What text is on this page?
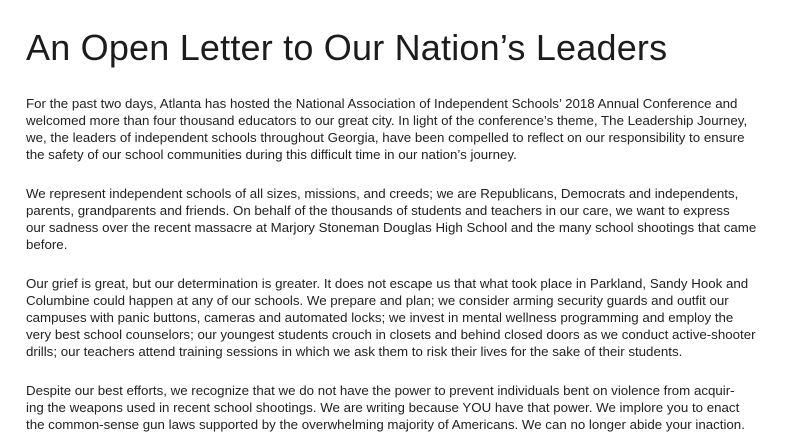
An Open Letter to Our Nation’s Leaders

For the past two days, Atlanta has hosted the National Association of Independent Schools’ 2018 Annual Conference and
welcomed more than four thousand educators to our great city. In light of the conference’s theme, The Leadership Journey,
we, the leaders of independent schools throughout Georgia, have been compelled to reflect on our responsibility to ensure
the safety of our school communities during this difficult time in our nation’s journey.

We represent independent schools of all sizes, missions, and creeds; we are Republicans, Democrats and independents,
parents, grandparents and friends. On behalf of the thousands of students and teachers in our care, we want to express
our sadness over the recent massacre at Marjory Stoneman Douglas High School and the many school shootings that came
before.

Our grief is great, but our determination is greater. It does not escape us that what took place in Parkland, Sandy Hook and
Columbine could happen at any of our schools. We prepare and plan; we consider arming security guards and outfit our
campuses with panic buttons, cameras and automated locks; we invest in mental wellness programming and employ the
very best school counselors; our youngest students crouch in closets and behind closed doors as we conduct active-shooter
drills; our teachers attend training sessions in which we ask them to risk their lives for the sake of their students.

Despite our best efforts, we recognize that we do not have the power to prevent individuals bent on violence from acquir-
ing the weapons used in recent school shootings. We are writing because YOU have that power. We implore you to enact
the common-sense gun laws supported by the overwhelming majority of Americans. We can no longer abide your inaction.
